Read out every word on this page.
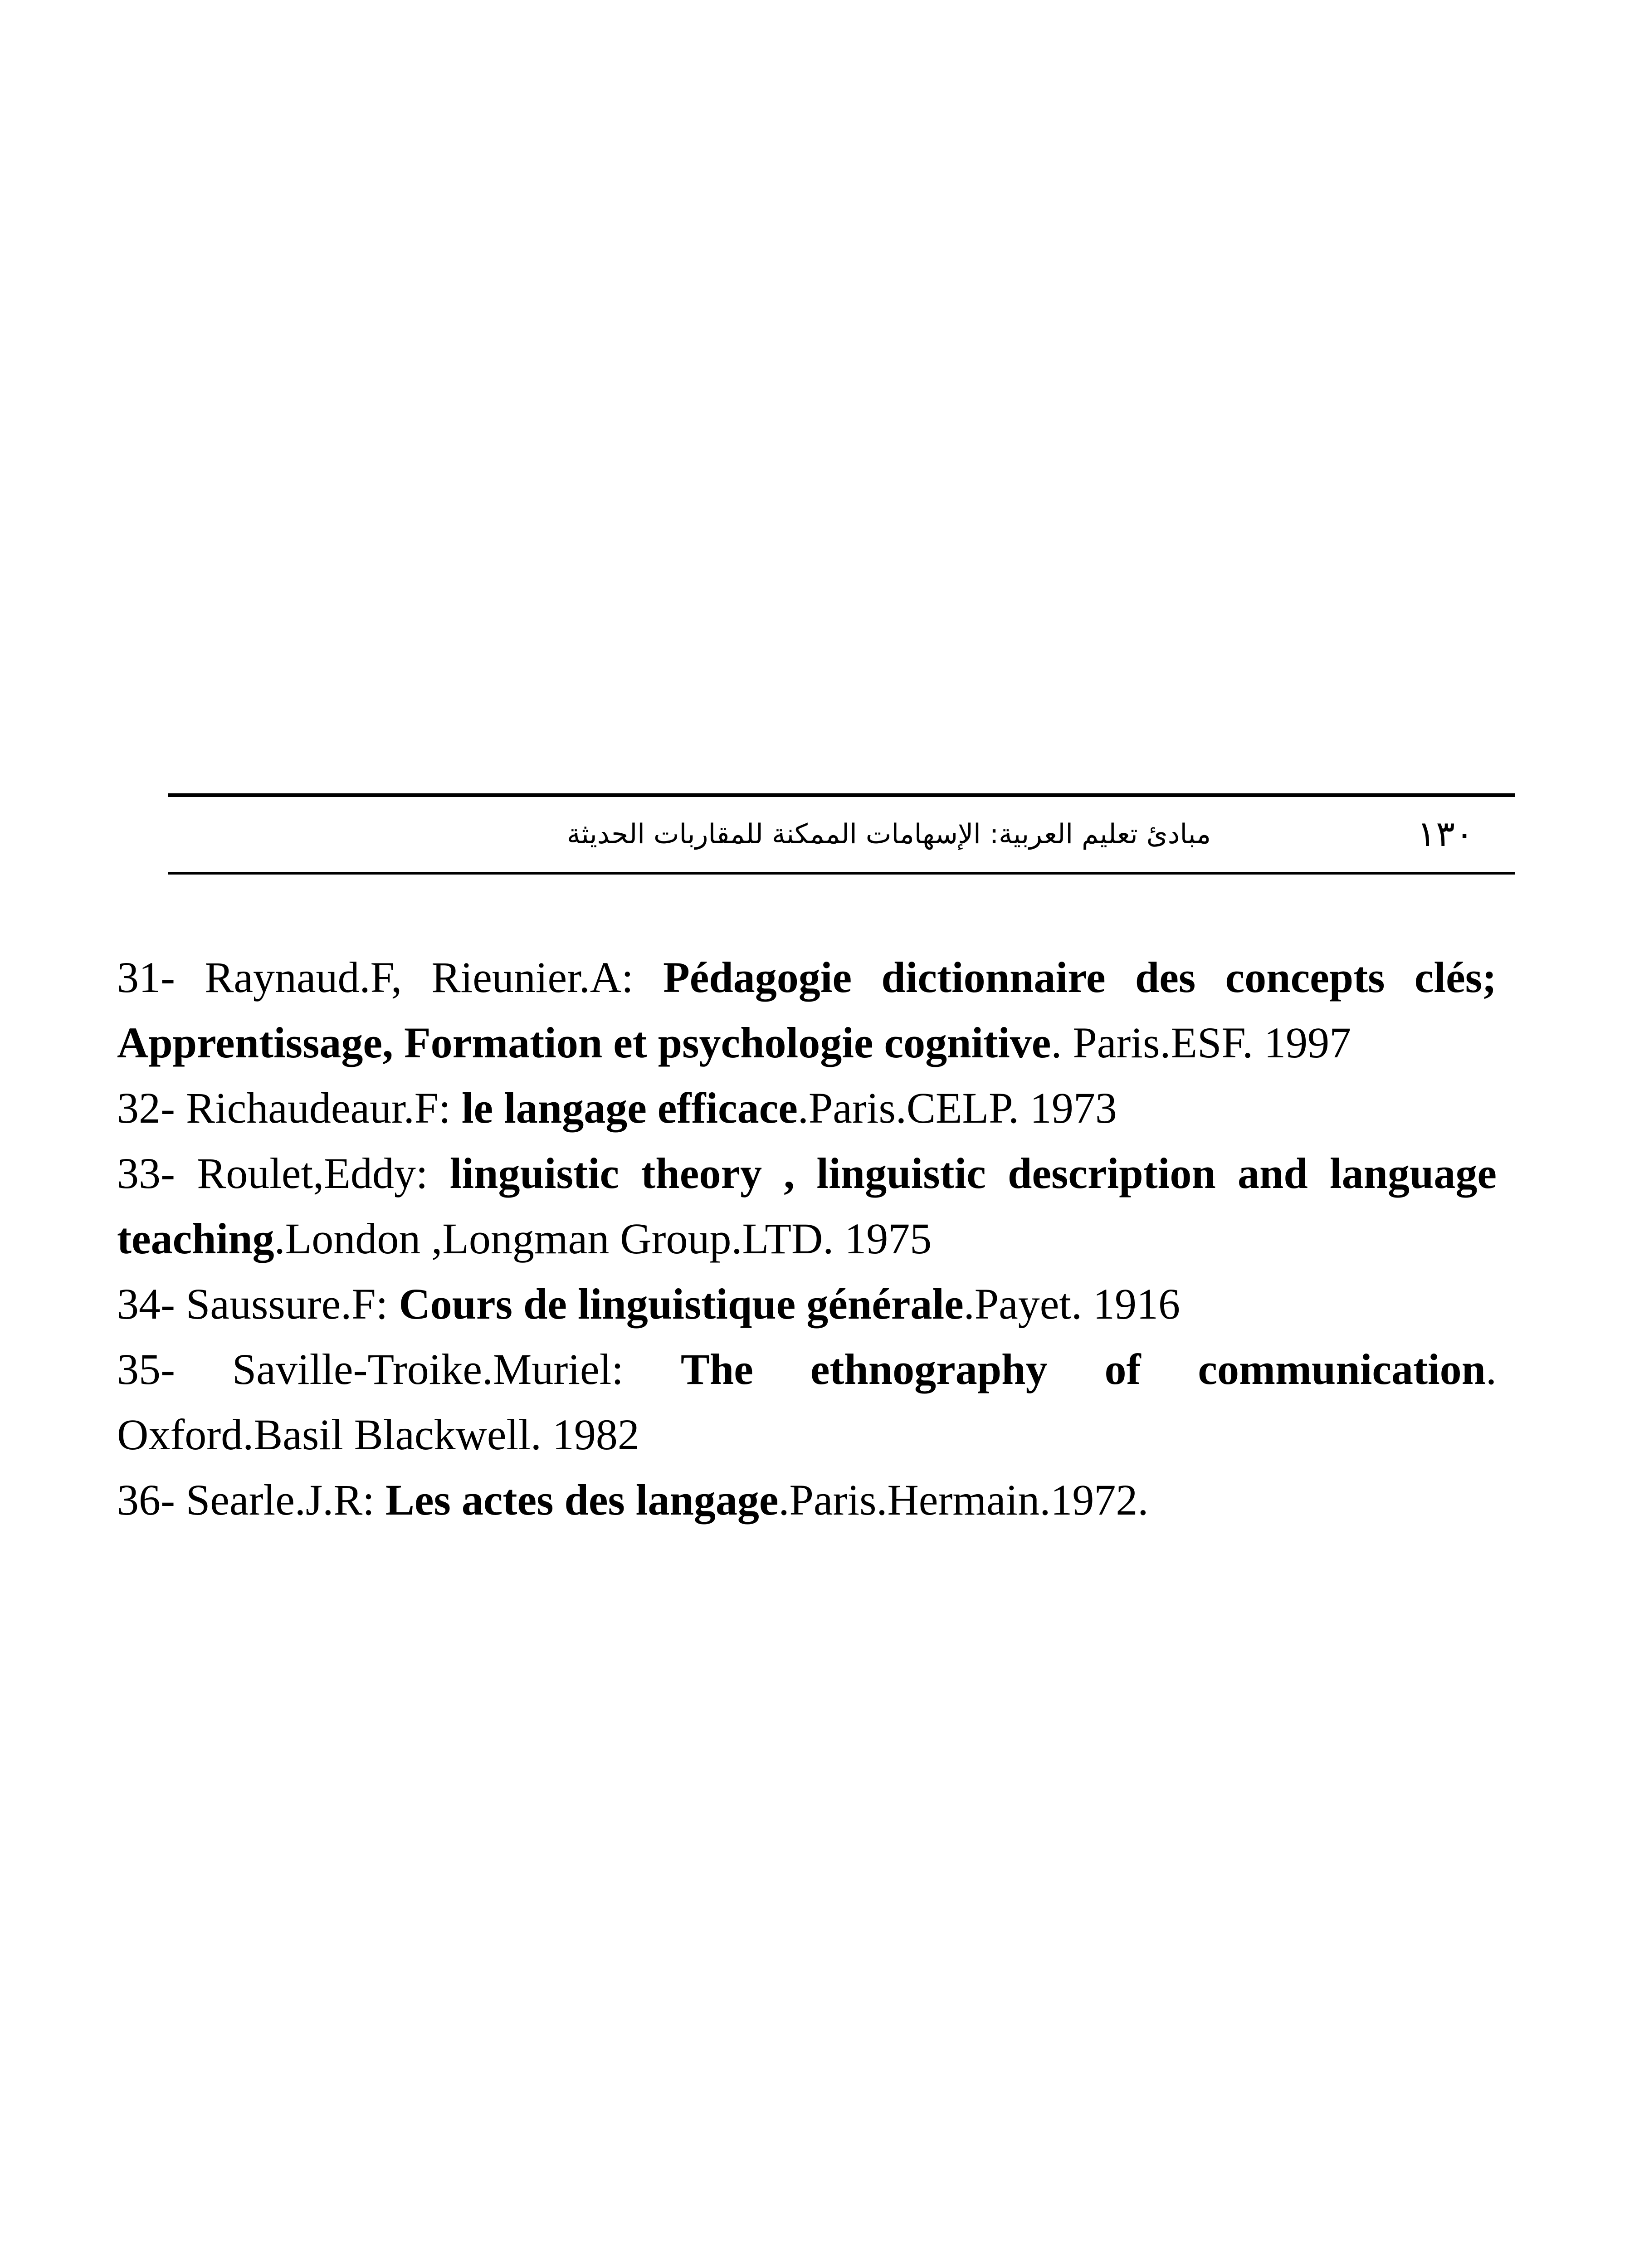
مبادئ تعليم العربية: الإسهامات الممكنة للمقاربات الحديثة	١٣٠
31- Raynaud.F, Rieunier.A: Pédagogie dictionnaire des concepts clés; Apprentissage, Formation et psychologie cognitive. Paris.ESF. 1997
32- Richaudeaur.F: le langage efficace.Paris.CELP. 1973
33- Roulet,Eddy: linguistic theory , linguistic description and language teaching.London ,Longman Group.LTD. 1975
34- Saussure.F: Cours de linguistique générale.Payet. 1916
35- Saville-Troike.Muriel: The ethnography of communication. Oxford.Basil Blackwell. 1982
36- Searle.J.R: Les actes des langage.Paris.Hermain.1972.
